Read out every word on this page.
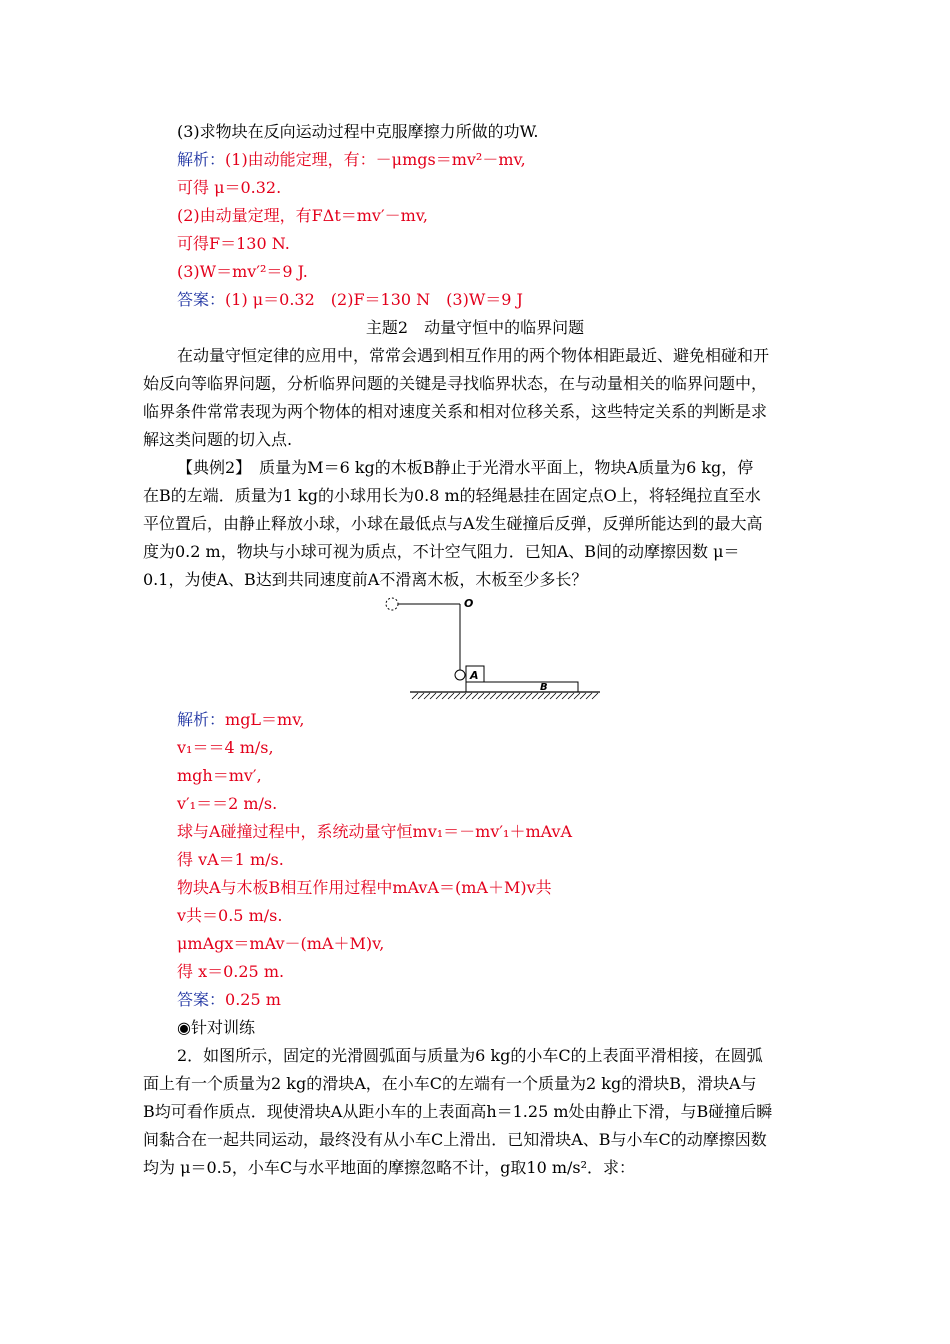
(3)求物块在反向运动过程中克服摩擦力所做的功W.
解析：(1)由动能定理，有：－μmgs＝mv²－mv,
可得 μ＝0.32.
(2)由动量定理，有FΔt＝mv′－mv,
可得F＝130 N.
(3)W＝mv′²＝9 J.
答案：(1) μ＝0.32　(2)F＝130 N　(3)W＝9 J
主题2　动量守恒中的临界问题
在动量守恒定律的应用中，常常会遇到相互作用的两个物体相距最近、避免相碰和开
始反向等临界问题，分析临界问题的关键是寻找临界状态，在与动量相关的临界问题中，
临界条件常常表现为两个物体的相对速度关系和相对位移关系，这些特定关系的判断是求
解这类问题的切入点.
【典例2】　质量为M＝6 kg的木板B静止于光滑水平面上，物块A质量为6 kg，停
在B的左端．质量为1 kg的小球用长为0.8 m的轻绳悬挂在固定点O上，将轻绳拉直至水
平位置后，由静止释放小球，小球在最低点与A发生碰撞后反弹，反弹所能达到的最大高
度为0.2 m，物块与小球可视为质点，不计空气阻力．已知A、B间的动摩擦因数 μ＝
0.1，为使A、B达到共同速度前A不滑离木板，木板至少多长？
O
A
B
解析：mgL＝mv,
v₁＝＝4 m/s,
mgh＝mv′,
v′₁＝＝2 m/s.
球与A碰撞过程中，系统动量守恒mv₁＝－mv′₁＋mAvA
得 vA＝1 m/s.
物块A与木板B相互作用过程中mAvA＝(mA＋M)v共
v共＝0.5 m/s.
μmAgx＝mAv－(mA＋M)v,
得 x＝0.25 m.
答案：0.25 m
◉针对训练
2．如图所示，固定的光滑圆弧面与质量为6 kg的小车C的上表面平滑相接，在圆弧
面上有一个质量为2 kg的滑块A，在小车C的左端有一个质量为2 kg的滑块B，滑块A与
B均可看作质点．现使滑块A从距小车的上表面高h＝1.25 m处由静止下滑，与B碰撞后瞬
间黏合在一起共同运动，最终没有从小车C上滑出．已知滑块A、B与小车C的动摩擦因数
均为 μ＝0.5，小车C与水平地面的摩擦忽略不计，g取10 m/s²．求：
